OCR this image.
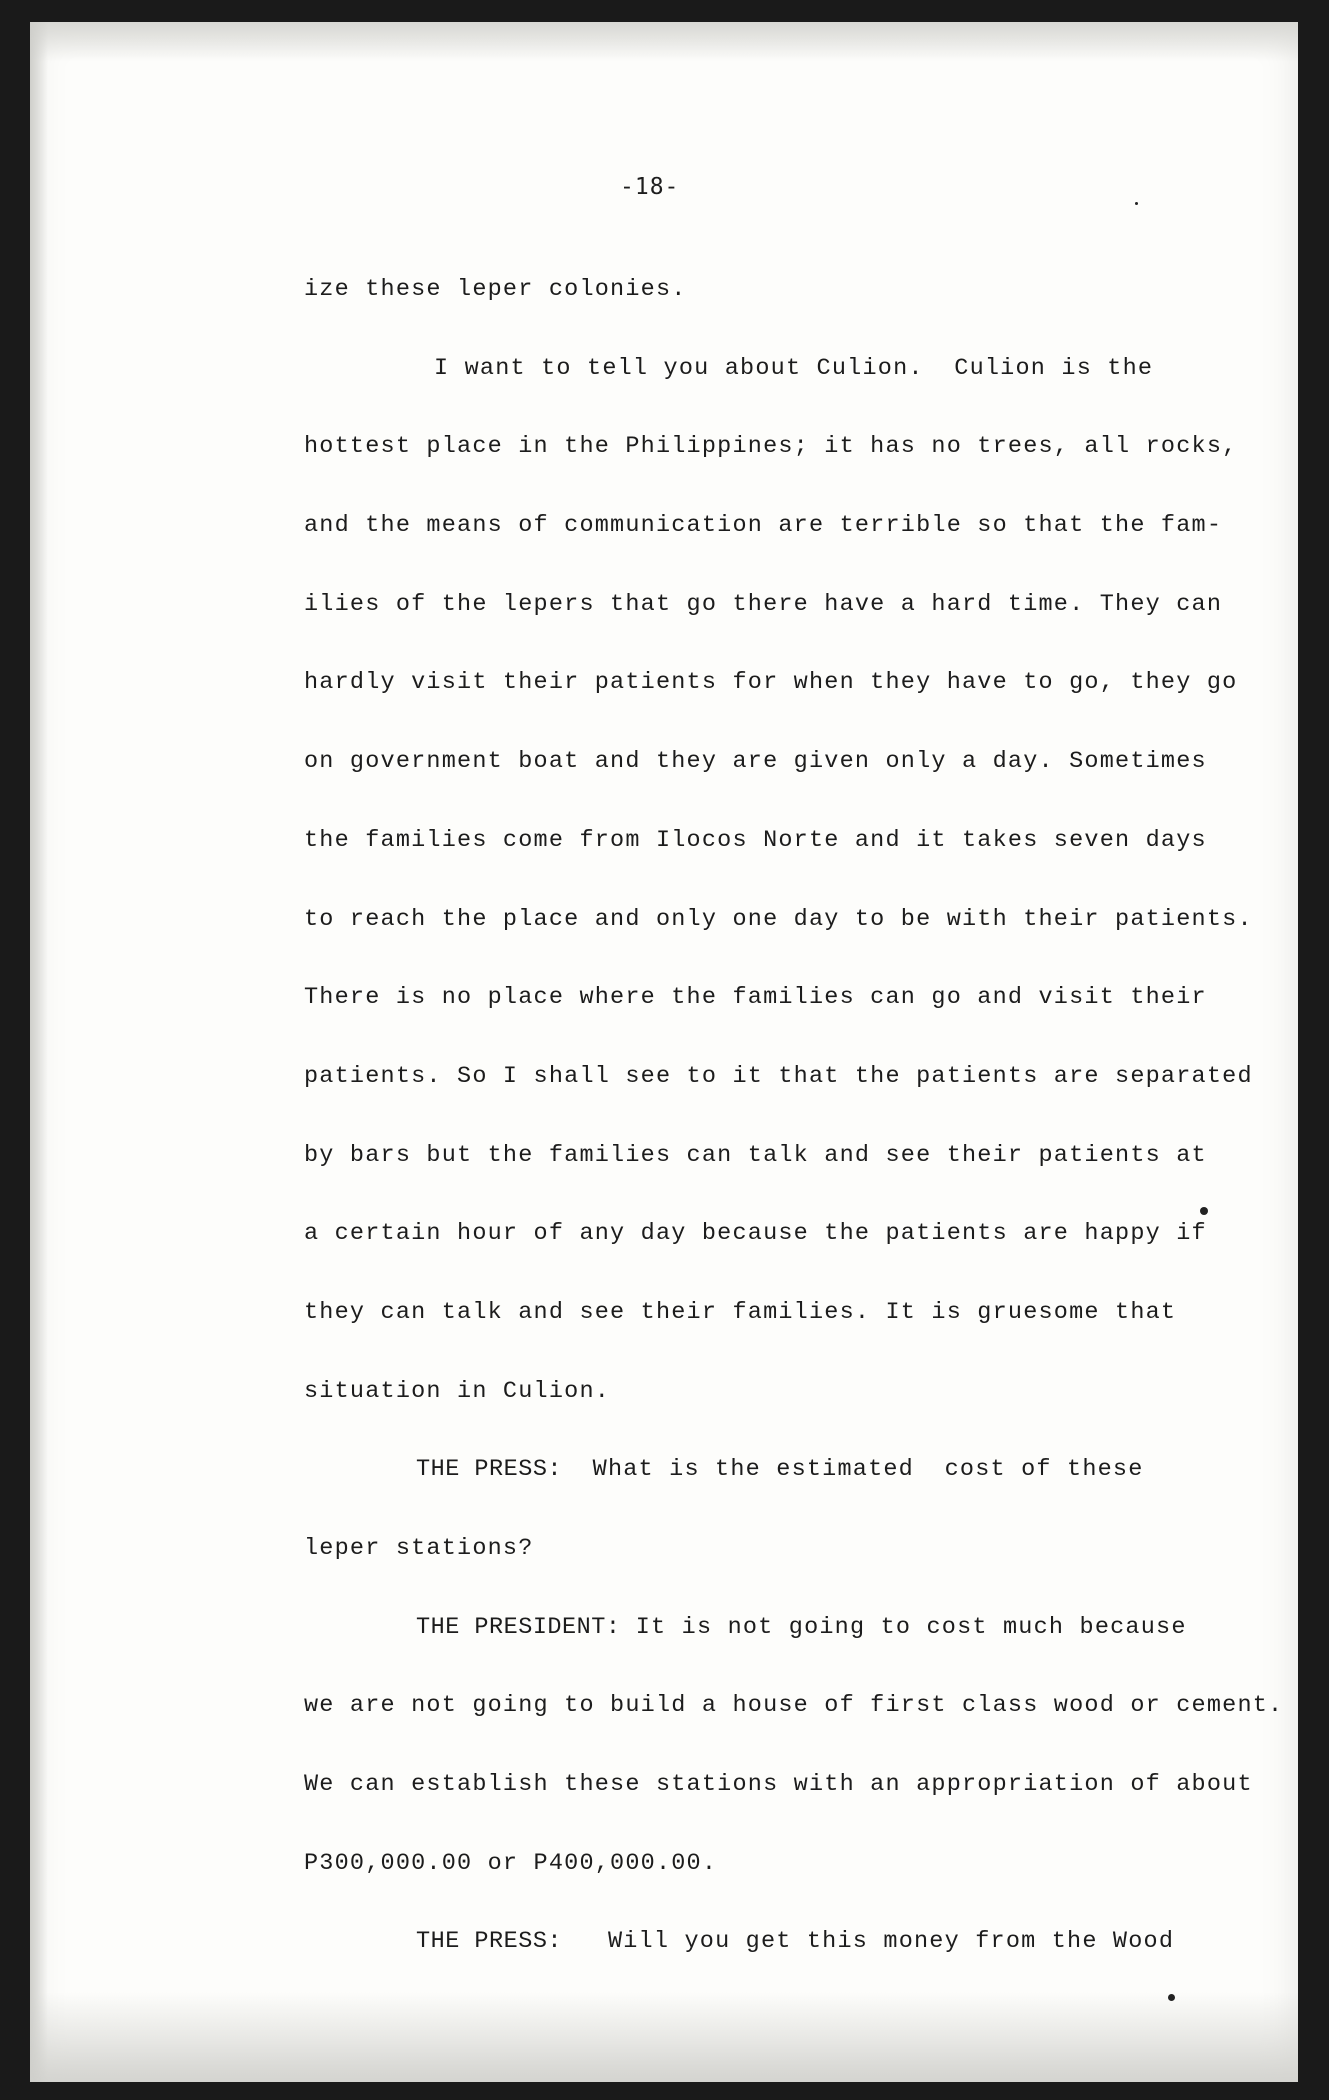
-18-
ize these leper colonies.
I want to tell you about Culion.  Culion is the
hottest place in the Philippines; it has no trees, all rocks,
and the means of communication are terrible so that the fam-
ilies of the lepers that go there have a hard time. They can
hardly visit their patients for when they have to go, they go
on government boat and they are given only a day. Sometimes
the families come from Ilocos Norte and it takes seven days
to reach the place and only one day to be with their patients.
There is no place where the families can go and visit their
patients. So I shall see to it that the patients are separated
by bars but the families can talk and see their patients at
a certain hour of any day because the patients are happy if
they can talk and see their families. It is gruesome that
situation in Culion.
THE PRESS: What is the estimated  cost of these
leper stations?
THE PRESIDENT: It is not going to cost much because
we are not going to build a house of first class wood or cement.
We can establish these stations with an appropriation of about
P300,000.00 or P400,000.00.
THE PRESS: Will you get this money from the Wood
